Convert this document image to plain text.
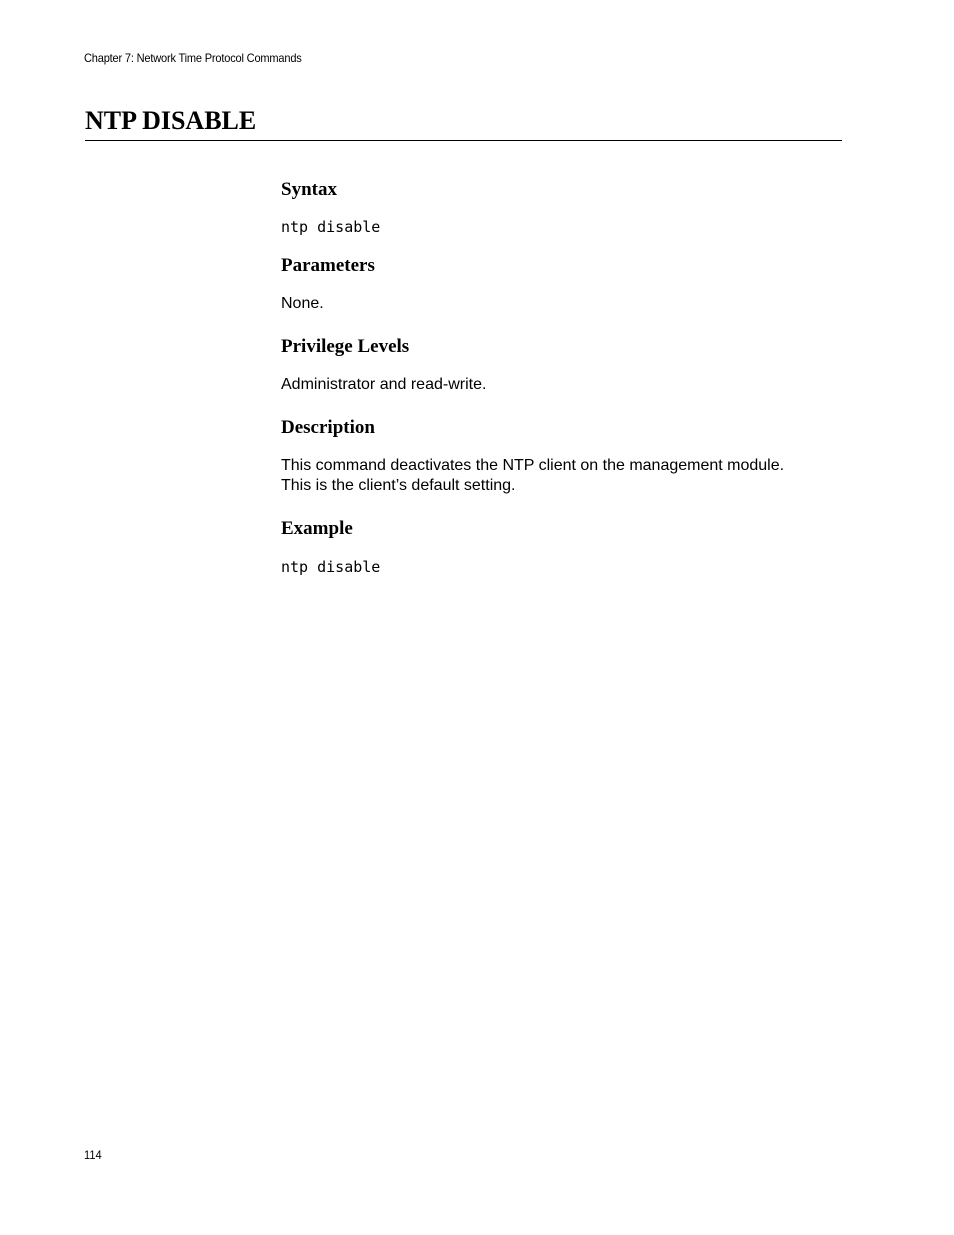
Chapter 7: Network Time Protocol Commands
NTP DISABLE
Syntax
ntp disable
Parameters

None.

Privilege Levels

Administrator and read-write.

Description

This command deactivates the NTP client on the management module.
This is the client’s default setting.

Example
ntp disable
114
